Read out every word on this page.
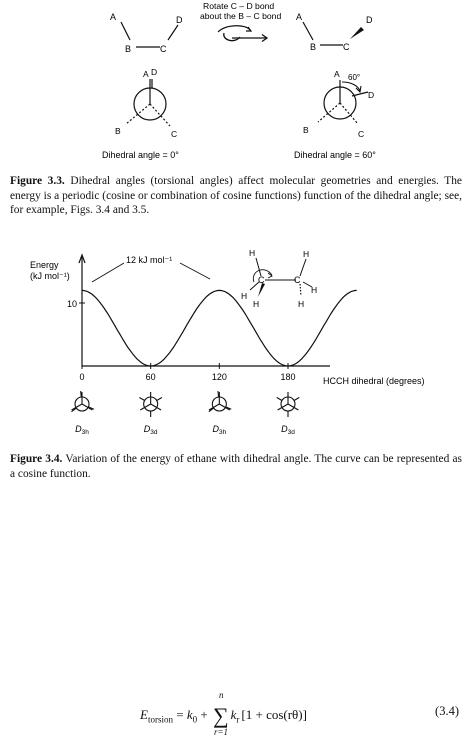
Rotate C – D bond
about the B – C bond
A
B	C
D	A
B	C
D
A D
B	C
Dihedral angle = 0°
A 60°
D
B	C
Dihedral angle = 60°
Figure 3.3. Dihedral angles (torsional angles) affect molecular geometries and energies. The energy is a periodic (cosine or combination of cosine functions) function of the dihedral angle; see, for example, Figs. 3.4 and 3.5.
Energy
(kJ mol⁻¹)
10
HCCH dihedral (degrees)
12 kJ mol⁻¹
0	60	120	180
C	C
H
H
H
H
H
H
$D_{3h}$	$D_{3d}$	$D_{3h}$	$D_{3d}$
Figure 3.4. Variation of the energy of ethane with dihedral angle. The curve can be represented as a cosine function.
$E_{torsion} = k_0$ + ∑
n
r=1
$k_r$ [1 + cos(rθ)]	(3.4)
